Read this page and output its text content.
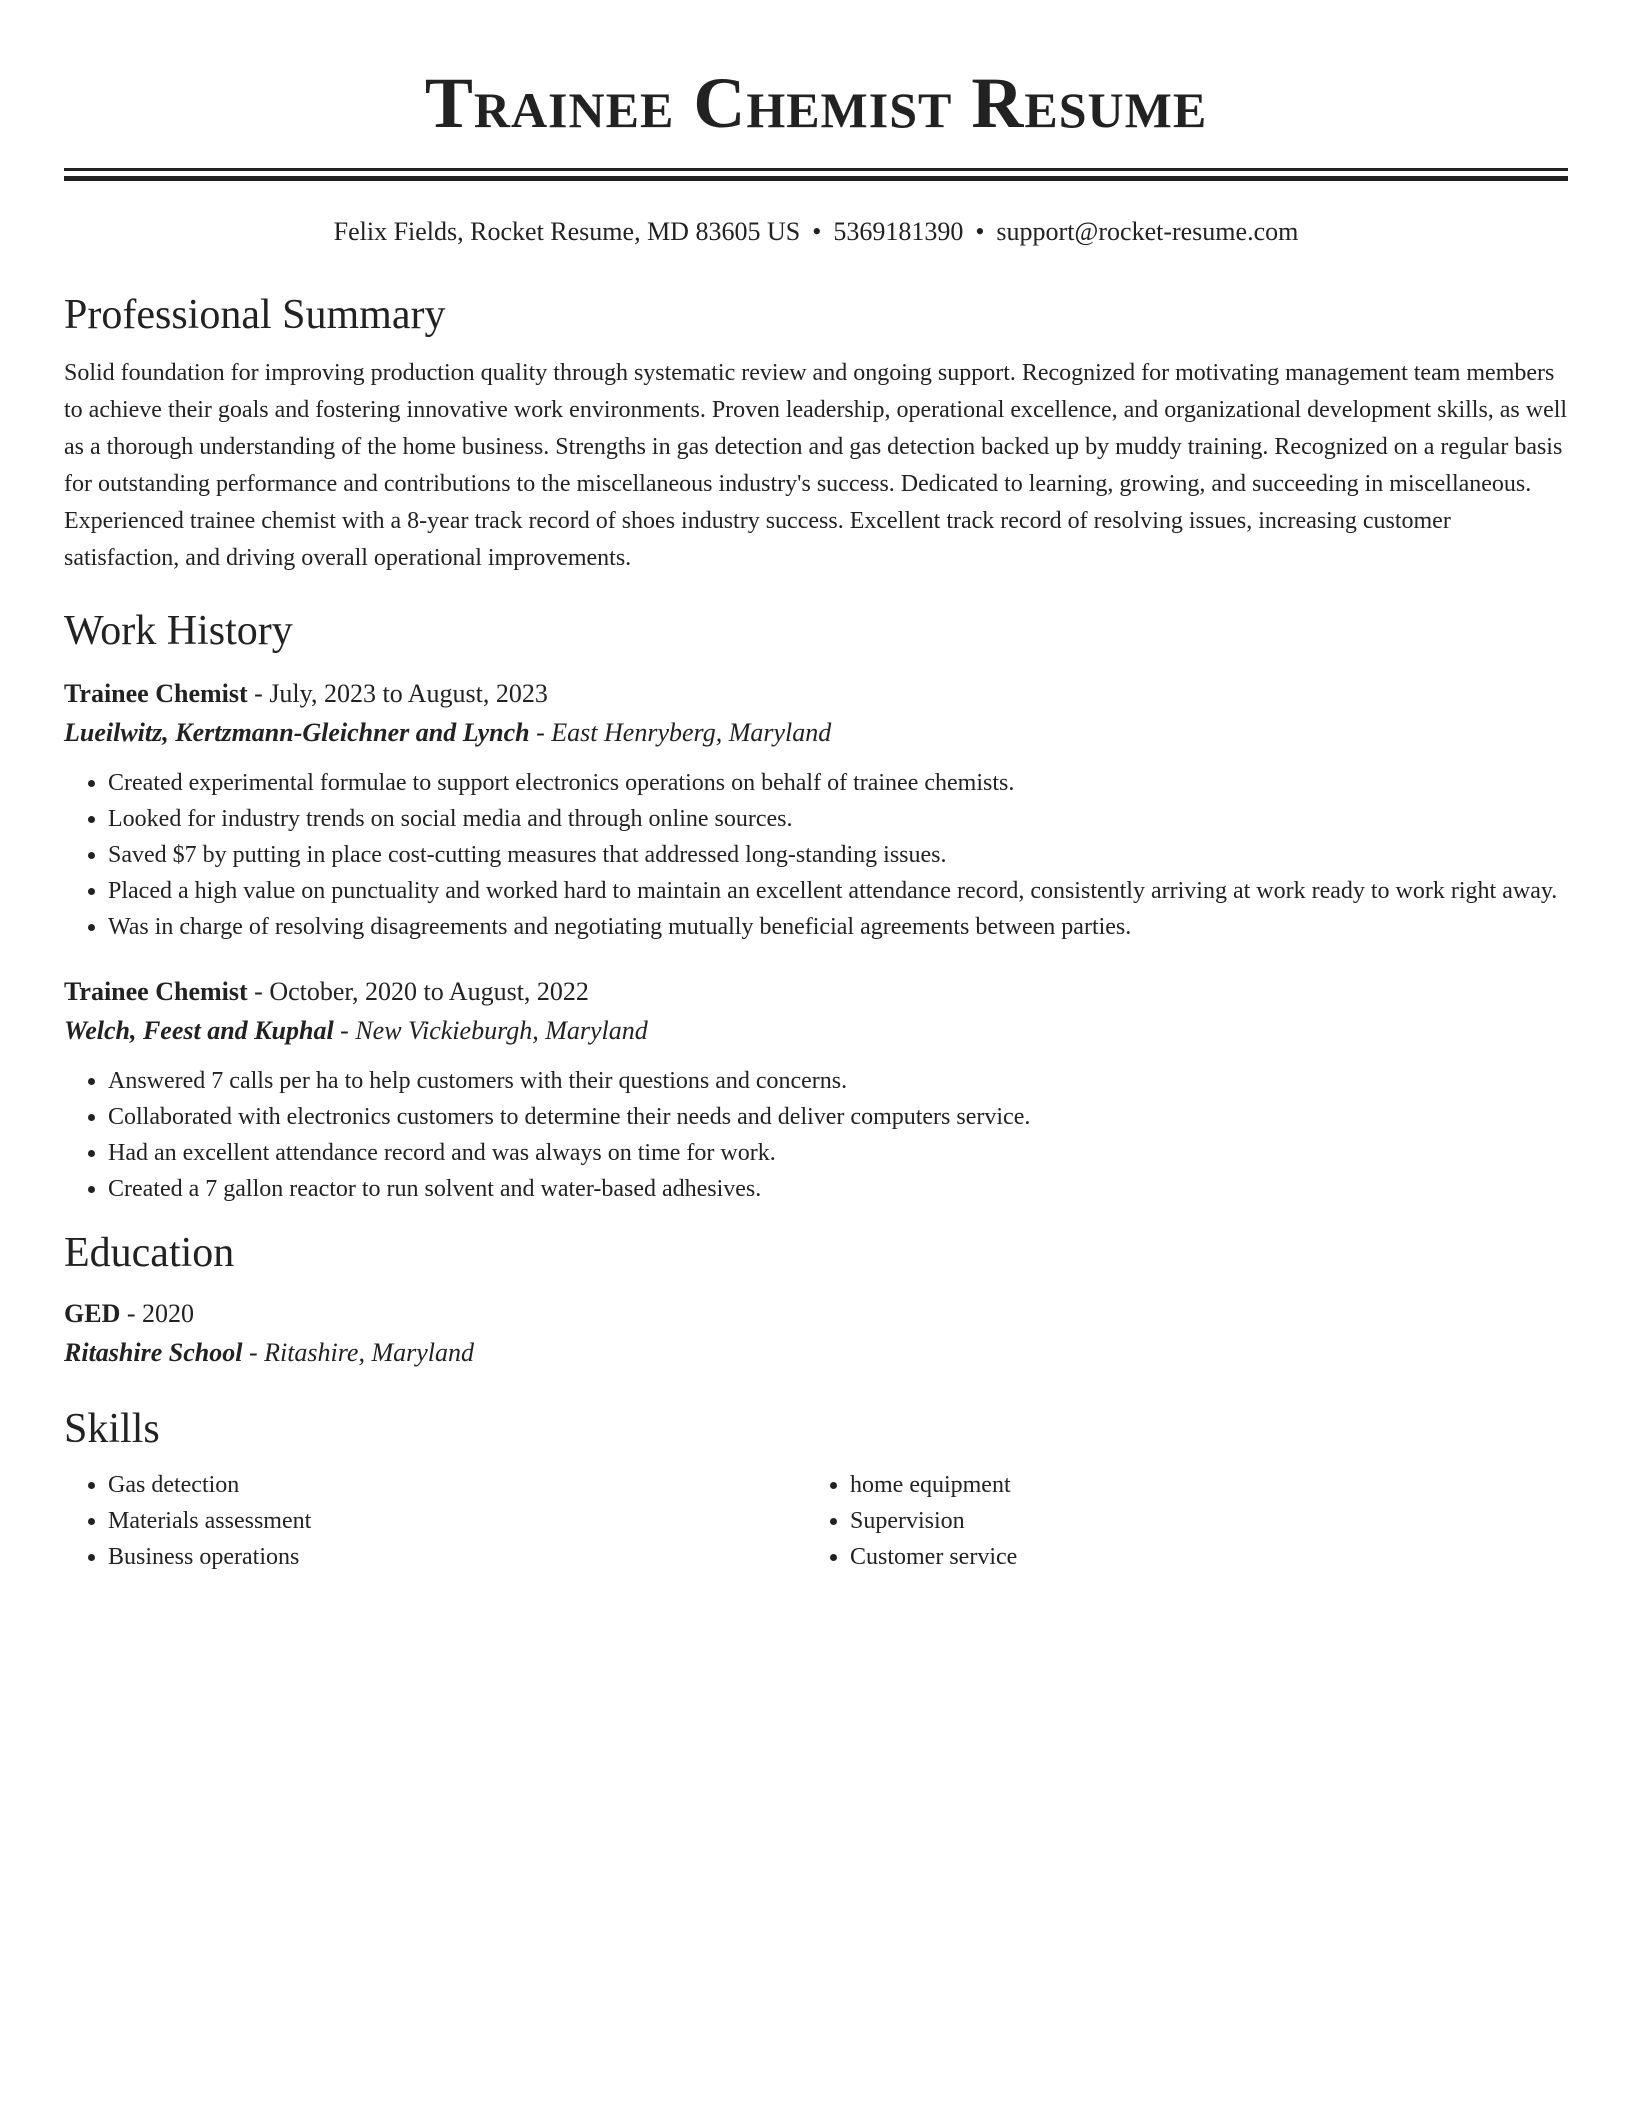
Trainee Chemist Resume
Felix Fields, Rocket Resume, MD 83605 US • 5369181390 • support@rocket-resume.com
Professional Summary

Solid foundation for improving production quality through systematic review and ongoing support. Recognized for motivating management team members to achieve their goals and fostering innovative work environments. Proven leadership, operational excellence, and organizational development skills, as well as a thorough understanding of the home business. Strengths in gas detection and gas detection backed up by muddy training. Recognized on a regular basis for outstanding performance and contributions to the miscellaneous industry's success. Dedicated to learning, growing, and succeeding in miscellaneous. Experienced trainee chemist with a 8-year track record of shoes industry success. Excellent track record of resolving issues, increasing customer satisfaction, and driving overall operational improvements.

Work History
Trainee Chemist - July, 2023 to August, 2023
Lueilwitz, Kertzmann-Gleichner and Lynch - East Henryberg, Maryland
• Created experimental formulae to support electronics operations on behalf of trainee chemists.
• Looked for industry trends on social media and through online sources.
• Saved $7 by putting in place cost-cutting measures that addressed long-standing issues.
• Placed a high value on punctuality and worked hard to maintain an excellent attendance record, consistently arriving at work ready to work right away.
• Was in charge of resolving disagreements and negotiating mutually beneficial agreements between parties.
Trainee Chemist - October, 2020 to August, 2022
Welch, Feest and Kuphal - New Vickieburgh, Maryland
• Answered 7 calls per ha to help customers with their questions and concerns.
• Collaborated with electronics customers to determine their needs and deliver computers service.
• Had an excellent attendance record and was always on time for work.
• Created a 7 gallon reactor to run solvent and water-based adhesives.
Education
GED - 2020
Ritashire School - Ritashire, Maryland
Skills
• Gas detection
• Materials assessment
• Business operations
• home equipment
• Supervision
• Customer service
